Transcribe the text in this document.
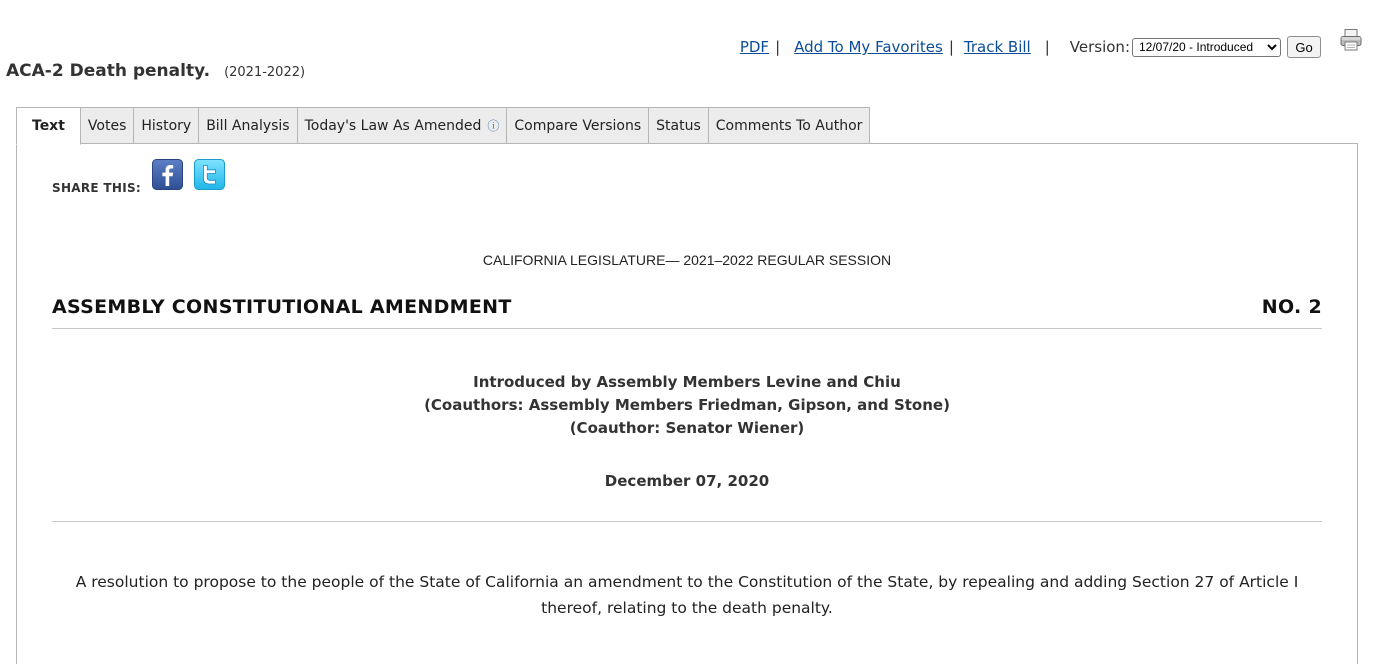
PDF | Add To My Favorites | Track Bill | Version:
12/07/20 - Introduced	Go
ACA-2 Death penalty. (2021-2022)
Text	Votes	History	Bill Analysis	Today's Law As Amended ⓘ	Compare Versions	Status	Comments To Author
SHARE THIS:
CALIFORNIA LEGISLATURE— 2021–2022 REGULAR SESSION
ASSEMBLY CONSTITUTIONAL AMENDMENT	NO. 2
Introduced by Assembly Members Levine and Chiu
(Coauthors: Assembly Members Friedman, Gipson, and Stone)
(Coauthor: Senator Wiener)
December 07, 2020
A resolution to propose to the people of the State of California an amendment to the Constitution of the State, by repealing and adding Section 27 of Article I thereof, relating to the death penalty.
